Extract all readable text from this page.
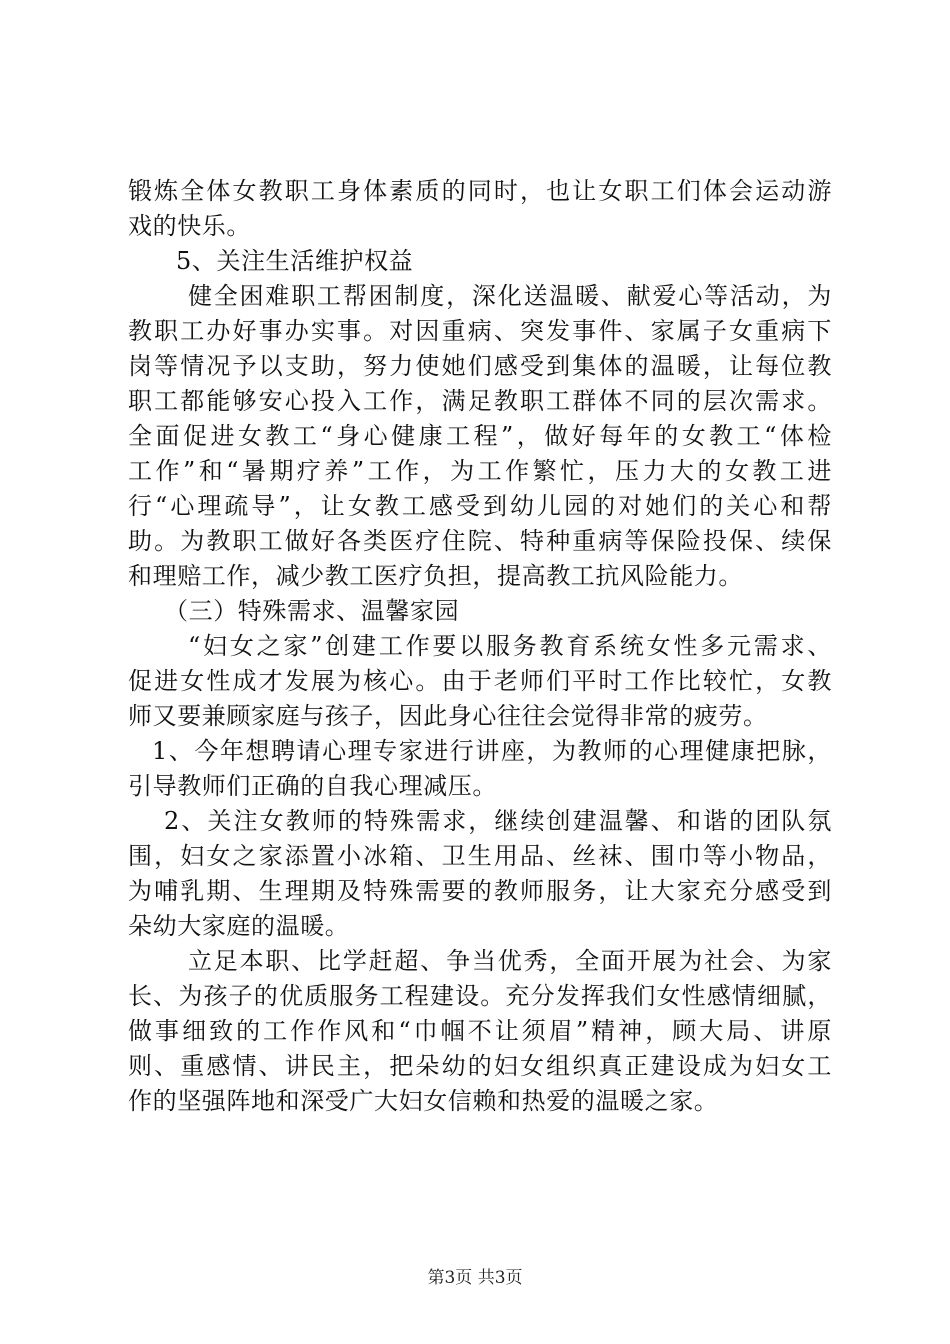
锻炼全体女教职工身体素质的同时，也让女职工们体会运动游
戏的快乐。
5、关注生活维护权益
健全困难职工帮困制度，深化送温暖、献爱心等活动，为
教职工办好事办实事。对因重病、突发事件、家属子女重病下
岗等情况予以支助，努力使她们感受到集体的温暖，让每位教
职工都能够安心投入工作，满足教职工群体不同的层次需求。
全面促进女教工“身心健康工程”，做好每年的女教工“体检
工作”和“暑期疗养”工作，为工作繁忙，压力大的女教工进
行“心理疏导”，让女教工感受到幼儿园的对她们的关心和帮
助。为教职工做好各类医疗住院、特种重病等保险投保、续保
和理赔工作，减少教工医疗负担，提高教工抗风险能力。
（三）特殊需求、温馨家园
“妇女之家”创建工作要以服务教育系统女性多元需求、
促进女性成才发展为核心。由于老师们平时工作比较忙，女教
师又要兼顾家庭与孩子，因此身心往往会觉得非常的疲劳。
1、今年想聘请心理专家进行讲座，为教师的心理健康把脉，
引导教师们正确的自我心理减压。
2、关注女教师的特殊需求，继续创建温馨、和谐的团队氛
围，妇女之家添置小冰箱、卫生用品、丝袜、围巾等小物品，
为哺乳期、生理期及特殊需要的教师服务，让大家充分感受到
朵幼大家庭的温暖。
立足本职、比学赶超、争当优秀，全面开展为社会、为家
长、为孩子的优质服务工程建设。充分发挥我们女性感情细腻，
做事细致的工作作风和“巾帼不让须眉”精神，顾大局、讲原
则、重感情、讲民主，把朵幼的妇女组织真正建设成为妇女工
作的坚强阵地和深受广大妇女信赖和热爱的温暖之家。
第3页 共3页
